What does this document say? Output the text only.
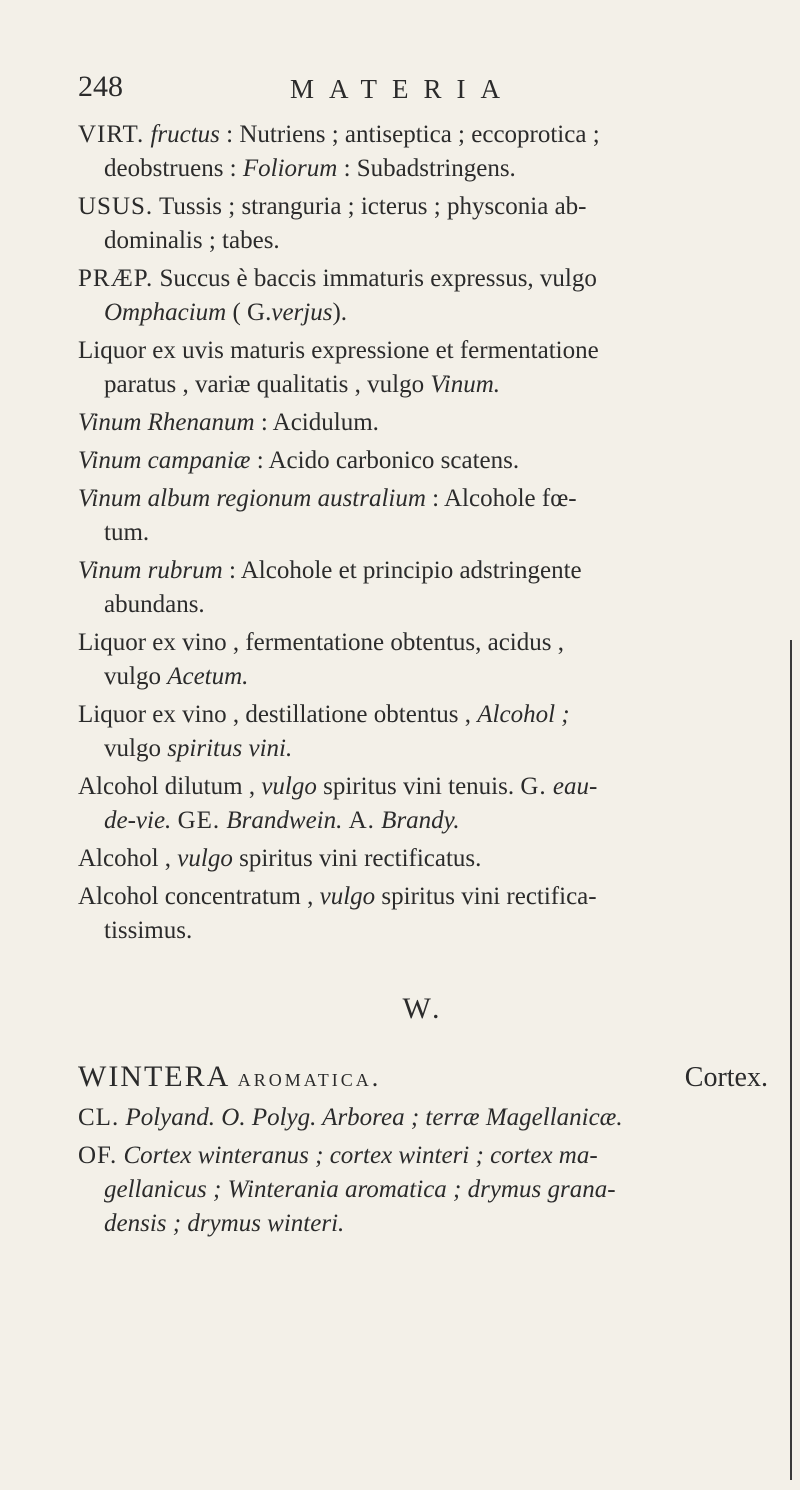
248	MATERIA

VIRT. fructus : Nutriens ; antiseptica ; eccoprotica ;
deobstruens : Foliorum : Subadstringens.

USUS. Tussis ; stranguria ; icterus ; physconia ab-
dominalis ; tabes.

PRÆP. Succus è baccis immaturis expressus, vulgo
Omphacium ( G.verjus).

Liquor ex uvis maturis expressione et fermentatione
paratus , variæ qualitatis , vulgo Vinum.

Vinum Rhenanum : Acidulum.

Vinum campaniæ : Acido carbonico scatens.

Vinum album regionum australium : Alcohole fœ-
tum.

Vinum rubrum : Alcohole et principio adstringente
abundans.

Liquor ex vino , fermentatione obtentus, acidus ,
vulgo Acetum.

Liquor ex vino , destillatione obtentus , Alcohol ;
vulgo spiritus vini.

Alcohol dilutum , vulgo spiritus vini tenuis. G. eau-
de-vie. GE. Brandwein. A. Brandy.

Alcohol , vulgo spiritus vini rectificatus.

Alcohol concentratum , vulgo spiritus vini rectifica-
tissimus.

W.
WINTERA aromatica.	Cortex.

CL. Polyand. O. Polyg. Arborea ; terræ Magellanicæ.

OF. Cortex winteranus ; cortex winteri ; cortex ma-
gellanicus ; Winterania aromatica ; drymus grana-
densis ; drymus winteri.
